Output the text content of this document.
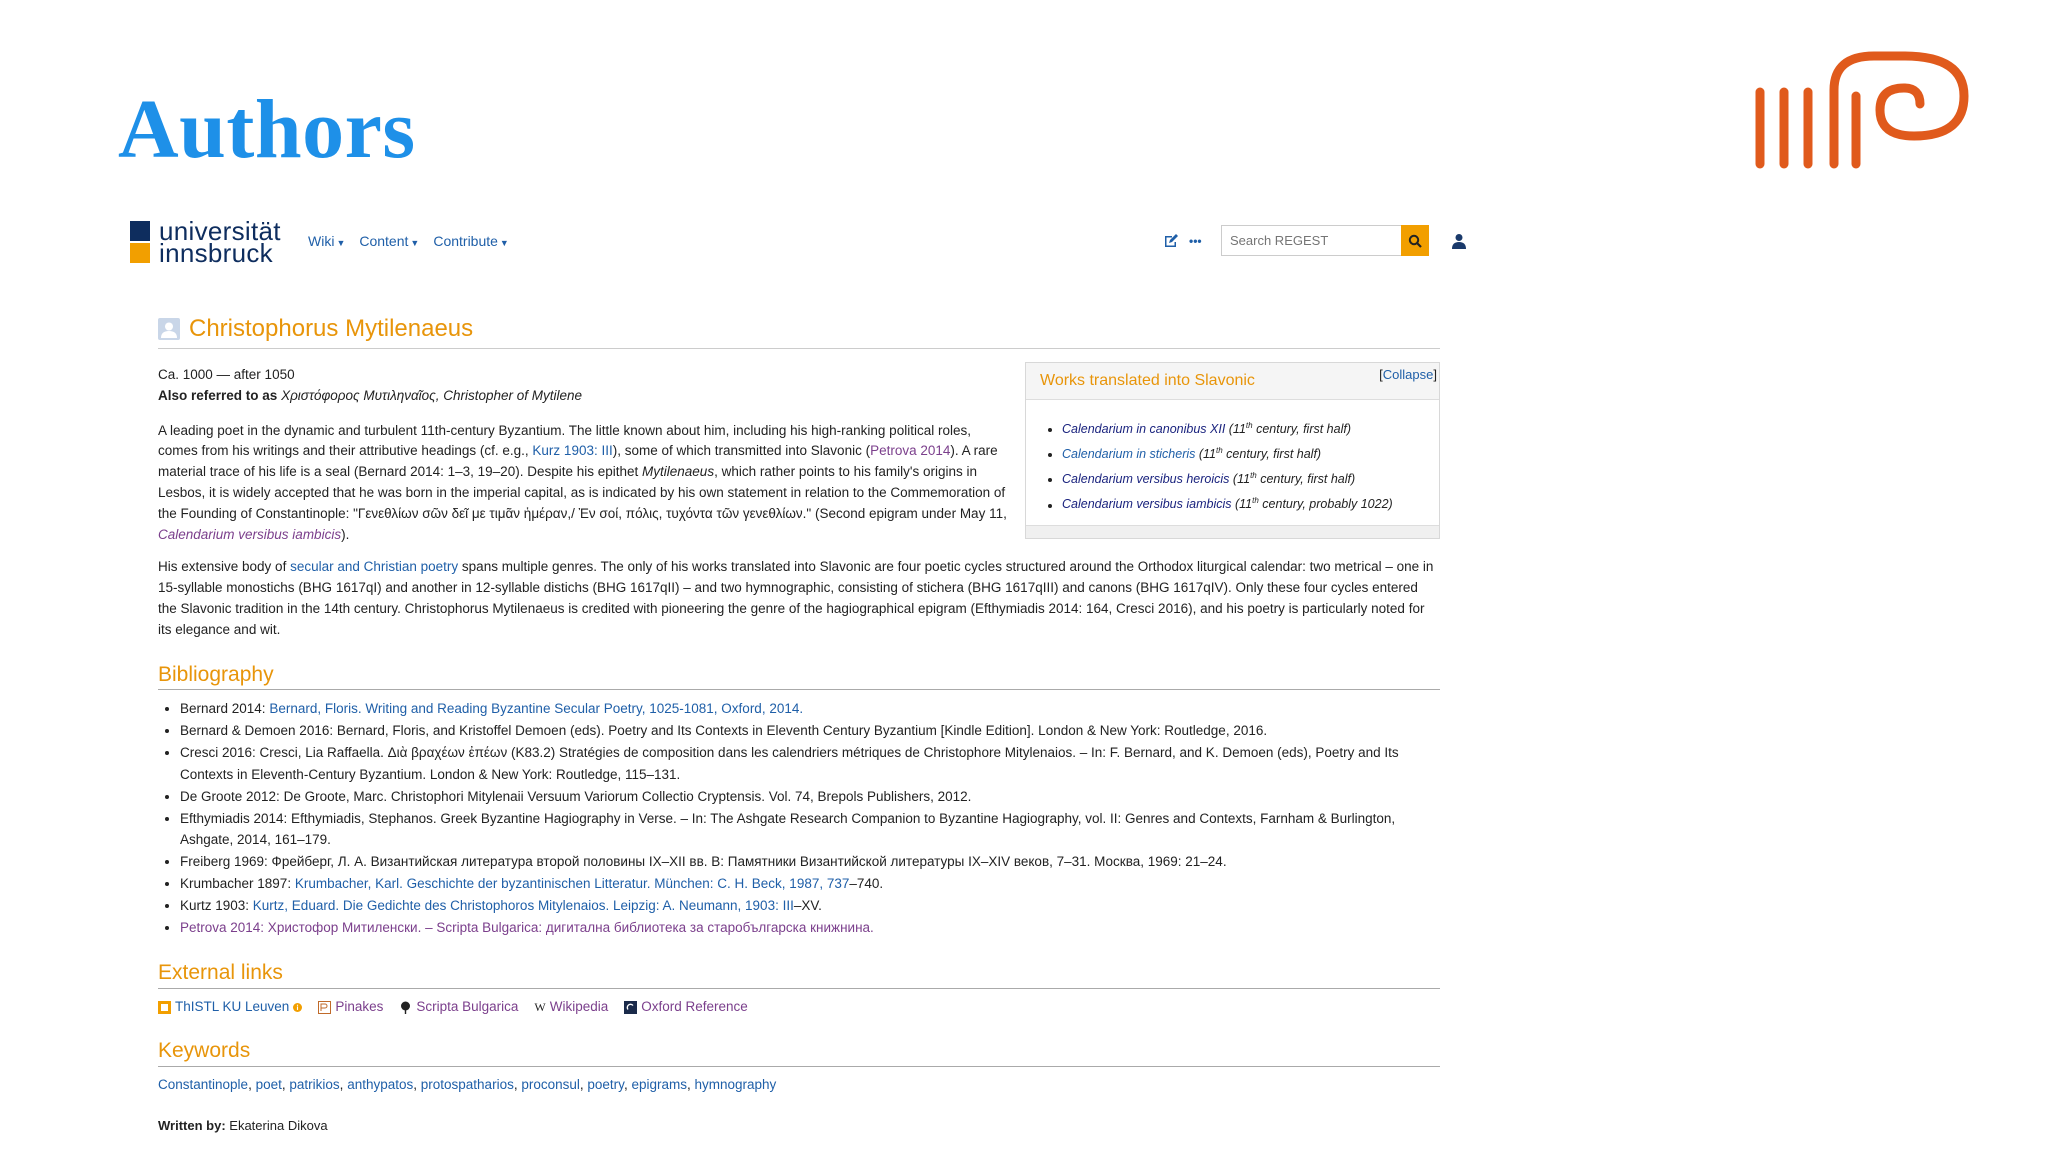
Authors
universität
innsbruck	Wiki ▼ Content ▼ Contribute ▼	•••
Search REGEST
Christophorus Mytilenaeus
Works translated into Slavonic	[Collapse]
• Calendarium in canonibus XII (11th century, first half)
• Calendarium in sticheris (11th century, first half)
• Calendarium versibus heroicis (11th century, first half)
• Calendarium versibus iambicis (11th century, probably 1022)
Ca. 1000 — after 1050
Also referred to as Χριστόφορος Μυτιληναῖος, Christopher of Mytilene
A leading poet in the dynamic and turbulent 11th-century Byzantium. The little known about him, including his high-ranking political roles, comes from his writings and their attributive headings (cf. e.g., Kurz 1903: III), some of which transmitted into Slavonic (Petrova 2014). A rare material trace of his life is a seal (Bernard 2014: 1–3, 19–20). Despite his epithet Mytilenaeus, which rather points to his family's origins in Lesbos, it is widely accepted that he was born in the imperial capital, as is indicated by his own statement in relation to the Commemoration of the Founding of Constantinople: "Γενεθλίων σῶν δεῖ με τιμᾶν ἡμέραν,/ Ἐν σοί, πόλις, τυχόντα τῶν γενεθλίων." (Second epigram under May 11, Calendarium versibus iambicis).
His extensive body of secular and Christian poetry spans multiple genres. The only of his works translated into Slavonic are four poetic cycles structured around the Orthodox liturgical calendar: two metrical – one in 15-syllable monostichs (BHG 1617qI) and another in 12-syllable distichs (BHG 1617qII) – and two hymnographic, consisting of stichera (BHG 1617qIII) and canons (BHG 1617qIV). Only these four cycles entered the Slavonic tradition in the 14th century. Christophorus Mytilenaeus is credited with pioneering the genre of the hagiographical epigram (Efthymiadis 2014: 164, Cresci 2016), and his poetry is particularly noted for its elegance and wit.
Bibliography
• Bernard 2014: Bernard, Floris. Writing and Reading Byzantine Secular Poetry, 1025-1081, Oxford, 2014.
• Bernard & Demoen 2016: Bernard, Floris, and Kristoffel Demoen (eds). Poetry and Its Contexts in Eleventh Century Byzantium [Kindle Edition]. London & New York: Routledge, 2016.
• Cresci 2016: Cresci, Lia Raffaella. Διὰ βραχέων ἐπέων (K83.2) Stratégies de composition dans les calendriers métriques de Christophore Mitylenaios. – In: F. Bernard, and K. Demoen (eds), Poetry and Its Contexts in Eleventh-Century Byzantium. London & New York: Routledge, 115–131.
• De Groote 2012: De Groote, Marc. Christophori Mitylenaii Versuum Variorum Collectio Cryptensis. Vol. 74, Brepols Publishers, 2012.
• Efthymiadis 2014: Efthymiadis, Stephanos. Greek Byzantine Hagiography in Verse. – In: The Ashgate Research Companion to Byzantine Hagiography, vol. II: Genres and Contexts, Farnham & Burlington, Ashgate, 2014, 161–179.
• Freiberg 1969: Фрейберг, Л. А. Византийская литература второй половины IX–XII вв. В: Памятники Византийской литературы IX–XIV веков, 7–31. Москва, 1969: 21–24.
• Krumbacher 1897: Krumbacher, Karl. Geschichte der byzantinischen Litteratur. München: C. H. Beck, 1987, 737–740.
• Kurtz 1903: Kurtz, Eduard. Die Gedichte des Christophoros Mitylenaios. Leipzig: A. Neumann, 1903: III–XV.
• Petrova 2014: Христофор Митиленски. – Scripta Bulgarica: дигитална библиотека за старобългарска книжнина.
External links
ThISTL KU Leuven	Pinakes Scripta Bulgarica W Wikipedia Oxford Reference
Keywords
Constantinople, poet, patrikios, anthypatos, protospatharios, proconsul, poetry, epigrams, hymnography
Written by: Ekaterina Dikova
